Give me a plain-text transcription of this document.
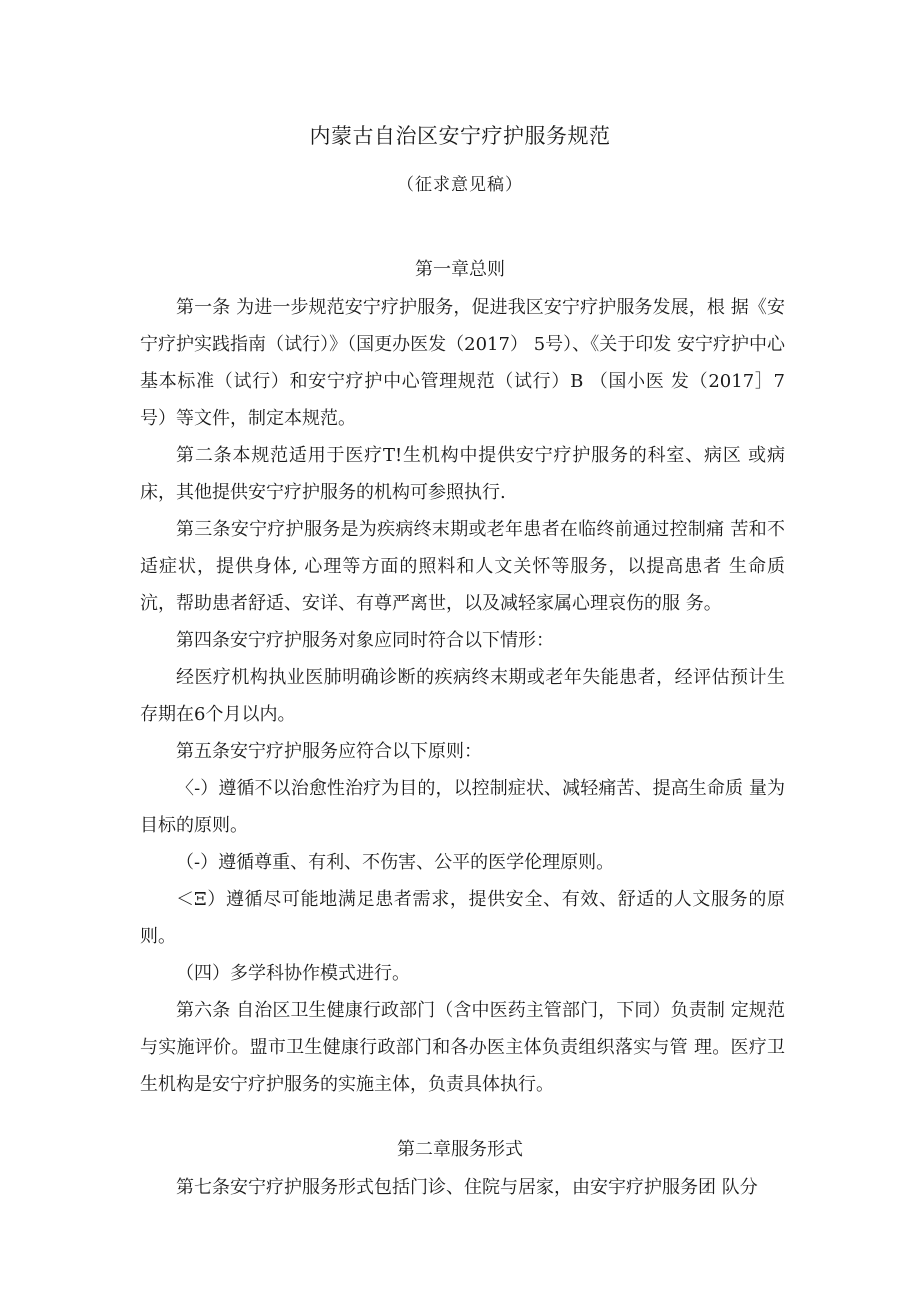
内蒙古自治区安宁疗护服务规范
（征求意见稿）
第一章总则

第一条 为进一步规范安宁疗护服务，促进我区安宁疗护服务发展，根 据《安宁疗护实践指南（试行）》（国更办医发（2017） 5号）、《关于印发 安宁疗护中心基本标准（试行）和安宁疗护中心管理规范（试行）B （国小医 发（2017］7号）等文件，制定本规范。

第二条本规范适用于医疗T!生机构中提供安宁疗护服务的科室、病区 或病床，其他提供安宁疗护服务的机构可参照执行.

第三条安宁疗护服务是为疾病终末期或老年患者在临终前通过控制痛 苦和不适症状，提供身体, 心理等方面的照料和人文关怀等服务，以提高患者 生命质沆，帮助患者舒适、安详、有尊严离世，以及减轻家属心理哀伤的服 务。

第四条安宁疗护服务对象应同时符合以下情形：

经医疗机构执业医肺明确诊断的疾病终末期或老年失能患者，经评估预计生存期在6个月以内。

第五条安宁疗护服务应符合以下原则：

〈-）遵循不以治愈性治疗为目的，以控制症状、减轻痛苦、提高生命质 量为目标的原则。

（-）遵循尊重、有利、不伤害、公平的医学伦理原则。

＜Ξ）遵循尽可能地满足患者需求，提供安全、有效、舒适的人文服务的原则。

（四）多学科协作模式进行。

第六条 自治区卫生健康行政部门（含中医药主管部门，下同）负责制 定规范与实施评价。盟市卫生健康行政部门和各办医主体负责组织落实与管 理。医疗卫生机构是安宁疗护服务的实施主体，负责具体执行。

第二章服务形式

第七条安宁疗护服务形式包括门诊、住院与居家，由安宇疗护服务团 队分
